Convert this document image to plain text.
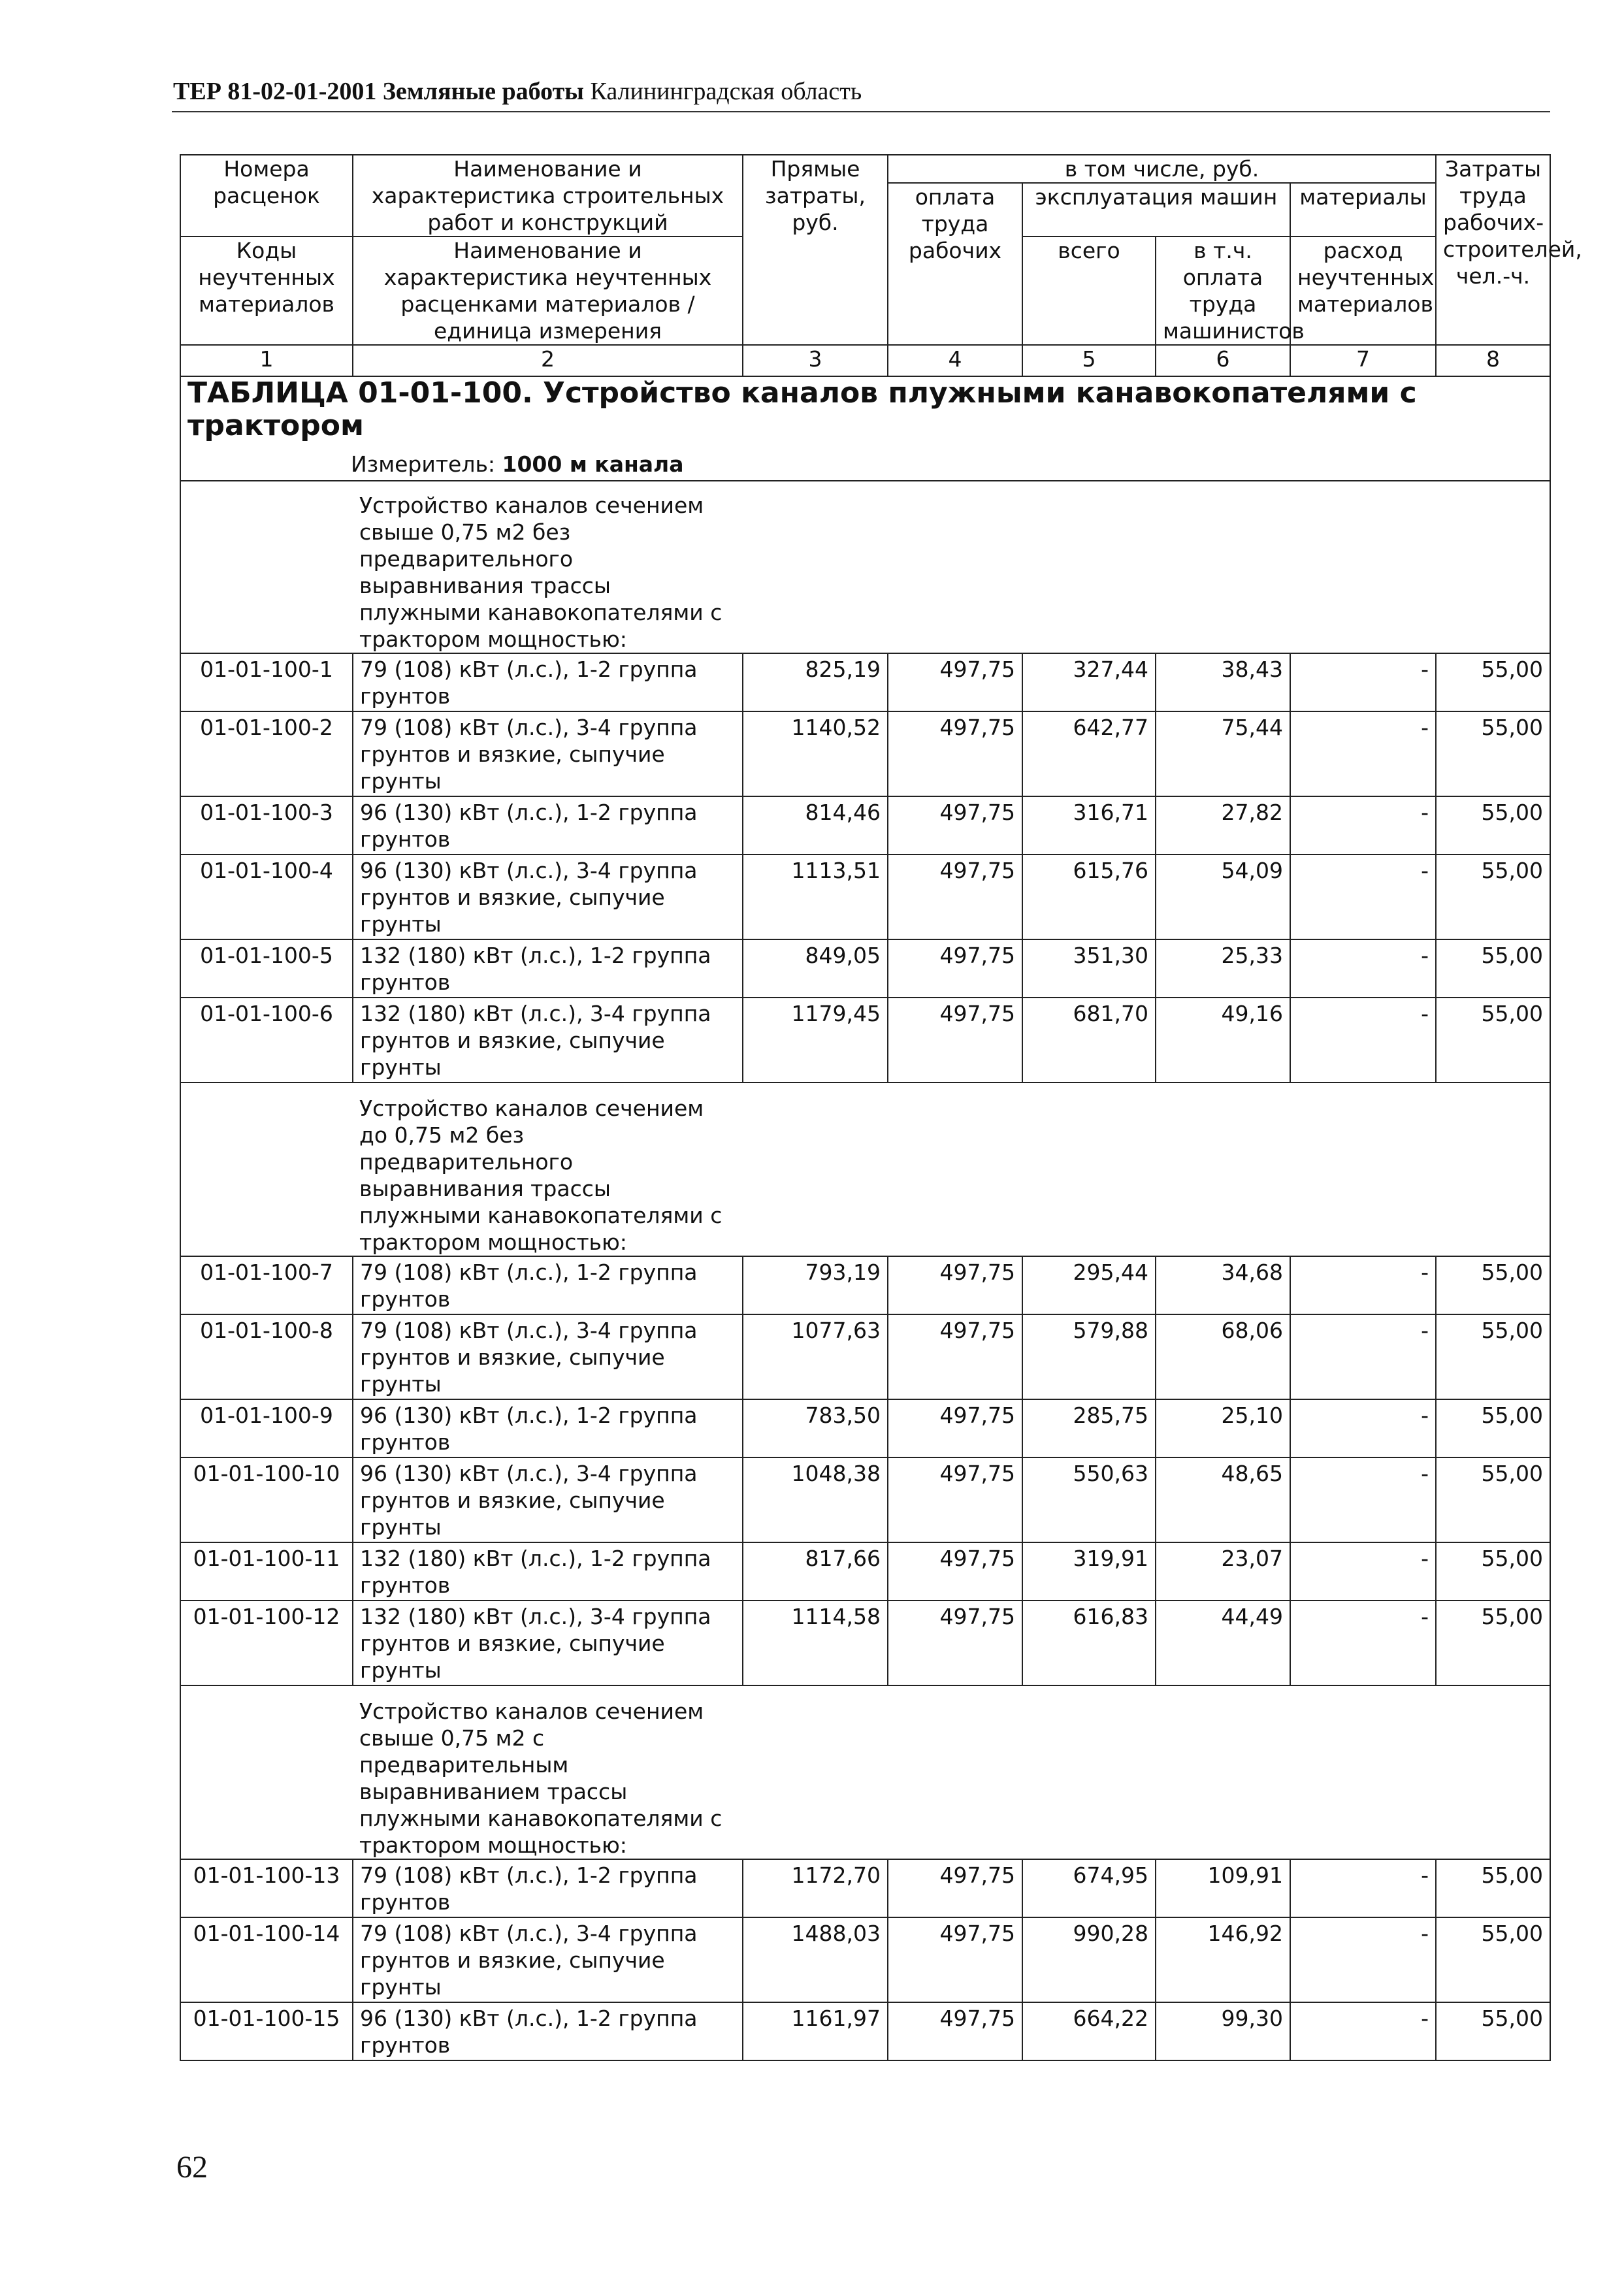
ТЕР 81-02-01-2001 Земляные работы Калининградская область
Номера расценок	Наименование и характеристика строительных работ и конструкций	Прямые затраты, руб.	в том числе, руб.				Затраты труда рабочих-строителей, чел.-ч.
			оплата труда рабочих	эксплуатация машин		материалы	
Коды неучтенных материалов	Наименование и характеристика неучтенных расценками материалов / единица измерения			всего	в т.ч. оплата труда машинистов	расход неучтенных материалов	

1	2	3	4	5	6	7	8

ТАБЛИЦА 01-01-100. Устройство каналов плужными канавокопателями с трактором
Измеритель: 1000 м канала							

	Устройство каналов сечением свыше 0,75 м2 без предварительного выравнивания трассы плужными канавокопателями с трактором мощностью:						
01-01-100-1	79 (108) кВт (л.с.), 1-2 группа грунтов	825,19	497,75	327,44	38,43	-	55,00
01-01-100-2	79 (108) кВт (л.с.), 3-4 группа грунтов и вязкие, сыпучие грунты	1140,52	497,75	642,77	75,44	-	55,00
01-01-100-3	96 (130) кВт (л.с.), 1-2 группа грунтов	814,46	497,75	316,71	27,82	-	55,00
01-01-100-4	96 (130) кВт (л.с.), 3-4 группа грунтов и вязкие, сыпучие грунты	1113,51	497,75	615,76	54,09	-	55,00
01-01-100-5	132 (180) кВт (л.с.), 1-2 группа грунтов	849,05	497,75	351,30	25,33	-	55,00
01-01-100-6	132 (180) кВт (л.с.), 3-4 группа грунтов и вязкие, сыпучие грунты	1179,45	497,75	681,70	49,16	-	55,00
	Устройство каналов сечением до 0,75 м2 без предварительного выравнивания трассы плужными канавокопателями с трактором мощностью:						
01-01-100-7	79 (108) кВт (л.с.), 1-2 группа грунтов	793,19	497,75	295,44	34,68	-	55,00
01-01-100-8	79 (108) кВт (л.с.), 3-4 группа грунтов и вязкие, сыпучие грунты	1077,63	497,75	579,88	68,06	-	55,00
01-01-100-9	96 (130) кВт (л.с.), 1-2 группа грунтов	783,50	497,75	285,75	25,10	-	55,00
01-01-100-10	96 (130) кВт (л.с.), 3-4 группа грунтов и вязкие, сыпучие грунты	1048,38	497,75	550,63	48,65	-	55,00
01-01-100-11	132 (180) кВт (л.с.), 1-2 группа грунтов	817,66	497,75	319,91	23,07	-	55,00
01-01-100-12	132 (180) кВт (л.с.), 3-4 группа грунтов и вязкие, сыпучие грунты	1114,58	497,75	616,83	44,49	-	55,00
	Устройство каналов сечением свыше 0,75 м2 с предварительным выравниванием трассы плужными канавокопателями с трактором мощностью:						
01-01-100-13	79 (108) кВт (л.с.), 1-2 группа грунтов	1172,70	497,75	674,95	109,91	-	55,00
01-01-100-14	79 (108) кВт (л.с.), 3-4 группа грунтов и вязкие, сыпучие грунты	1488,03	497,75	990,28	146,92	-	55,00
01-01-100-15	96 (130) кВт (л.с.), 1-2 группа грунтов	1161,97	497,75	664,22	99,30	-	55,00
62
